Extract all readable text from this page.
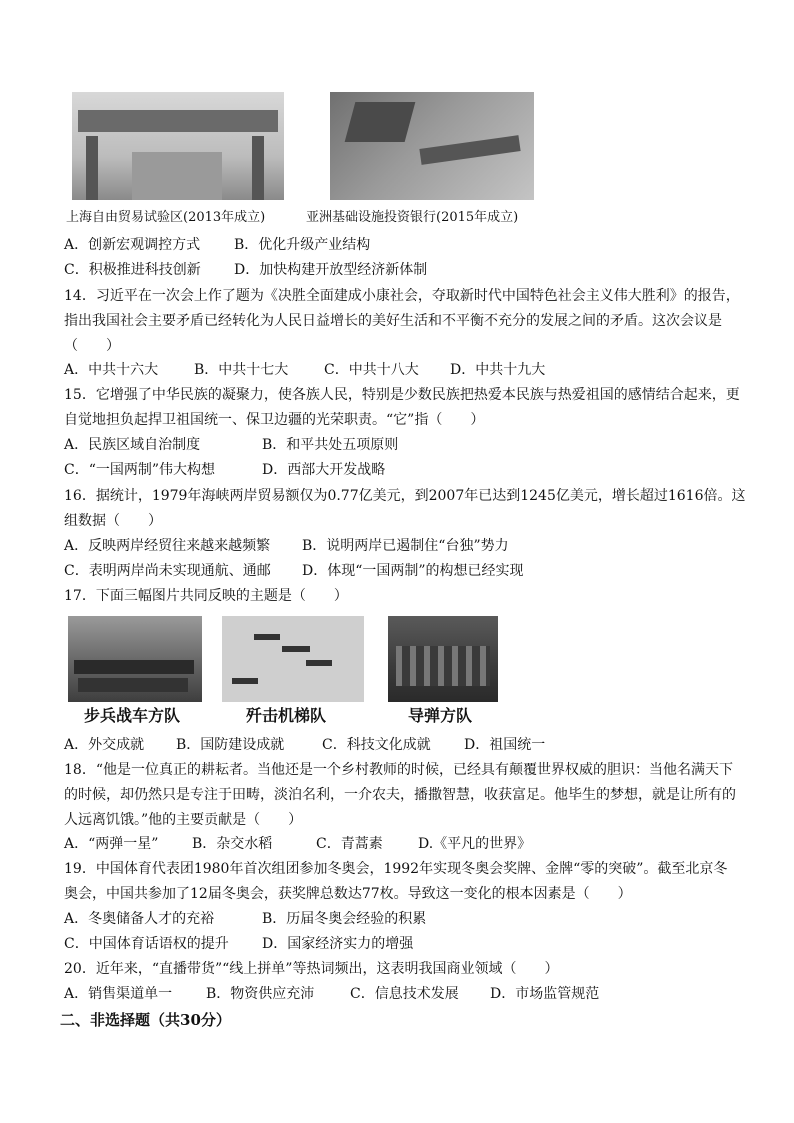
上海自由贸易试验区(2013年成立)	亚洲基础设施投资银行(2015年成立)
A．创新宏观调控方式 B．优化升级产业结构
C．积极推进科技创新 D．加快构建开放型经济新体制
14．习近平在一次会上作了题为《决胜全面建成小康社会，夺取新时代中国特色社会主义伟大胜利》的报告，
指出我国社会主要矛盾已经转化为人民日益增长的美好生活和不平衡不充分的发展之间的矛盾。这次会议是
（　　）
A．中共十六大	B．中共十七大	C．中共十八大 D．中共十九大
15．它增强了中华民族的凝聚力，使各族人民，特别是少数民族把热爱本民族与热爱祖国的感情结合起来，更
自觉地担负起捍卫祖国统一、保卫边疆的光荣职责。“它”指（　　）
A．民族区域自治制度	B．和平共处五项原则
C．“一国两制”伟大构想	D．西部大开发战略
16．据统计，1979年海峡两岸贸易额仅为0.77亿美元，到2007年已达到1245亿美元，增长超过1616倍。这
组数据（　　）
A．反映两岸经贸往来越来越频繁 B．说明两岸已遏制住“台独”势力
C．表明两岸尚未实现通航、通邮 D．体现“一国两制”的构想已经实现
17．下面三幅图片共同反映的主题是（　　）
步兵战车方队	歼击机梯队	导弹方队
A．外交成就 B．国防建设成就	C．科技文化成就 D．祖国统一
18．“他是一位真正的耕耘者。当他还是一个乡村教师的时候，已经具有颠覆世界权威的胆识：当他名满天下
的时候，却仍然只是专注于田畴，淡泊名利，一介农夫，播撒智慧，收获富足。他毕生的梦想，就是让所有的
人远离饥饿。”他的主要贡献是（　　）
A．“两弹一星” B．杂交水稻	C．青蒿素	D.《平凡的世界》
19．中国体育代表团1980年首次组团参加冬奥会，1992年实现冬奥会奖牌、金牌“零的突破”。截至北京冬
奥会，中国共参加了12届冬奥会，获奖牌总数达77枚。导致这一变化的根本因素是（　　）
A．冬奥储备人才的充裕	B．历届冬奥会经验的积累
C．中国体育话语权的提升 D．国家经济实力的增强
20．近年来，“直播带货”“线上拼单”等热词频出，这表明我国商业领域（　　）
A．销售渠道单一 B．物资供应充沛	C．信息技术发展 D．市场监管规范
二、非选择题（共30分）
